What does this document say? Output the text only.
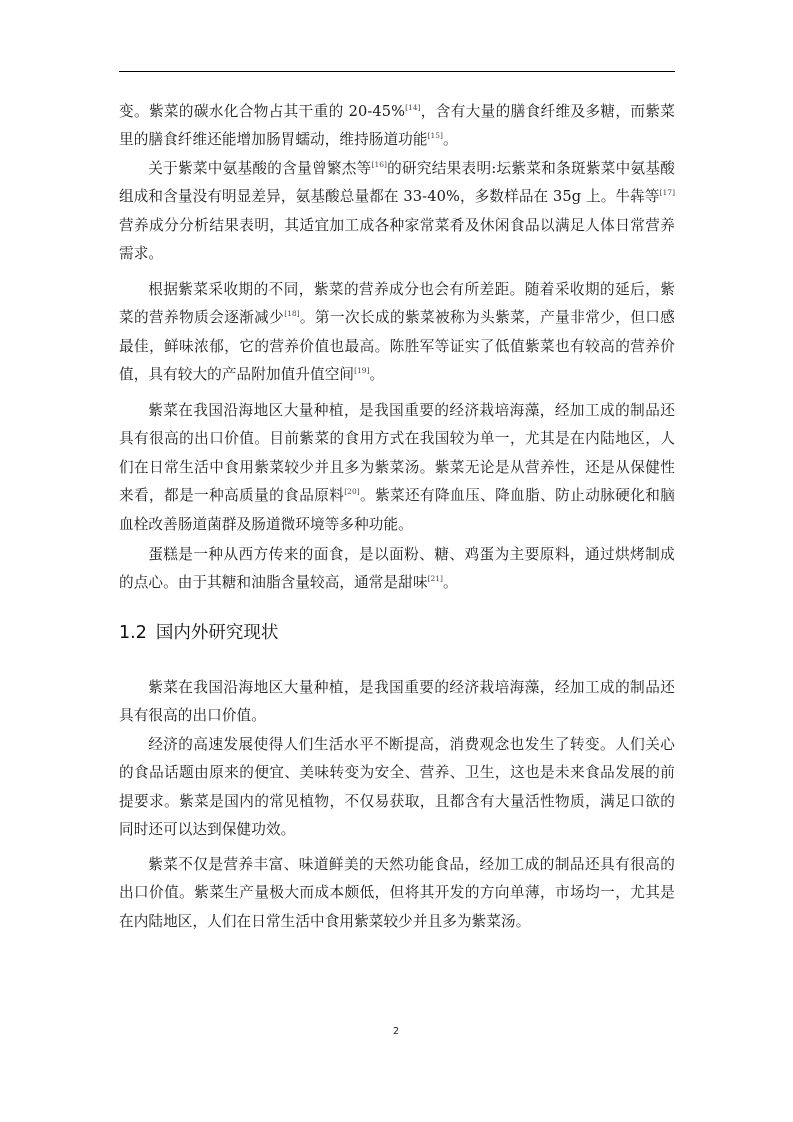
变。紫菜的碳水化合物占其干重的 20-45%[14]，含有大量的膳食纤维及多糖，而紫菜里的膳食纤维还能增加肠胃蠕动，维持肠道功能[15]。

关于紫菜中氨基酸的含量曾繁杰等[16]的研究结果表明:坛紫菜和条斑紫菜中氨基酸组成和含量没有明显差异，氨基酸总量都在 33-40%，多数样品在 35g 上。牛犇等[17]营养成分分析结果表明，其适宜加工成各种家常菜肴及休闲食品以满足人体日常营养需求。

根据紫菜采收期的不同，紫菜的营养成分也会有所差距。随着采收期的延后，紫菜的营养物质会逐渐减少[18]。第一次长成的紫菜被称为头紫菜，产量非常少，但口感最佳，鲜味浓郁，它的营养价值也最高。陈胜军等证实了低值紫菜也有较高的营养价值，具有较大的产品附加值升值空间[19]。

紫菜在我国沿海地区大量种植，是我国重要的经济栽培海藻，经加工成的制品还具有很高的出口价值。目前紫菜的食用方式在我国较为单一，尤其是在内陆地区，人们在日常生活中食用紫菜较少并且多为紫菜汤。紫菜无论是从营养性，还是从保健性来看，都是一种高质量的食品原料[20]。紫菜还有降血压、降血脂、防止动脉硬化和脑血栓改善肠道菌群及肠道微环境等多种功能。

蛋糕是一种从西方传来的面食，是以面粉、糖、鸡蛋为主要原料，通过烘烤制成的点心。由于其糖和油脂含量较高，通常是甜味[21]。

1.2 国内外研究现状

紫菜在我国沿海地区大量种植，是我国重要的经济栽培海藻，经加工成的制品还具有很高的出口价值。

经济的高速发展使得人们生活水平不断提高，消费观念也发生了转变。人们关心的食品话题由原来的便宜、美味转变为安全、营养、卫生，这也是未来食品发展的前提要求。紫菜是国内的常见植物，不仅易获取，且都含有大量活性物质，满足口欲的同时还可以达到保健功效。

紫菜不仅是营养丰富、味道鲜美的天然功能食品，经加工成的制品还具有很高的出口价值。紫菜生产量极大而成本颇低，但将其开发的方向单薄，市场均一，尤其是在内陆地区，人们在日常生活中食用紫菜较少并且多为紫菜汤。

2
